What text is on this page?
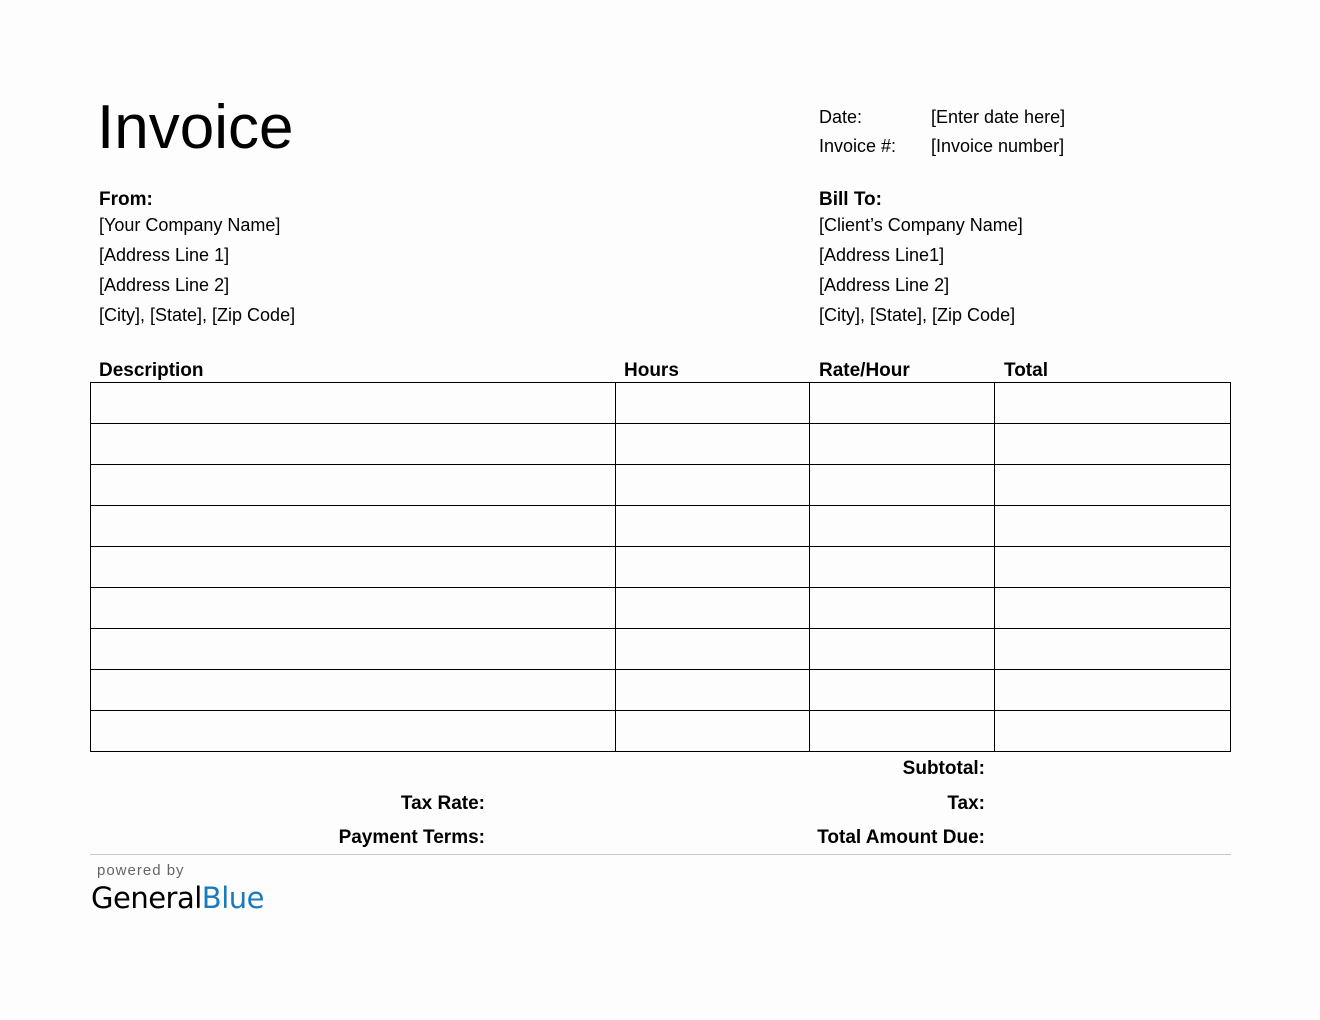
Invoice	Date:	[Enter date here]
Invoice #: [Invoice number]
From:
[Your Company Name]
[Address Line 1]
[Address Line 2]
[City], [State], [Zip Code]
Bill To:
[Client’s Company Name]
[Address Line1]
[Address Line 2]
[City], [State], [Zip Code]
Description	Hours	Rate/Hour	Total

Subtotal:
Tax Rate:	Tax:
Payment Terms:	Total Amount Due:
powered by
GeneralBlue
